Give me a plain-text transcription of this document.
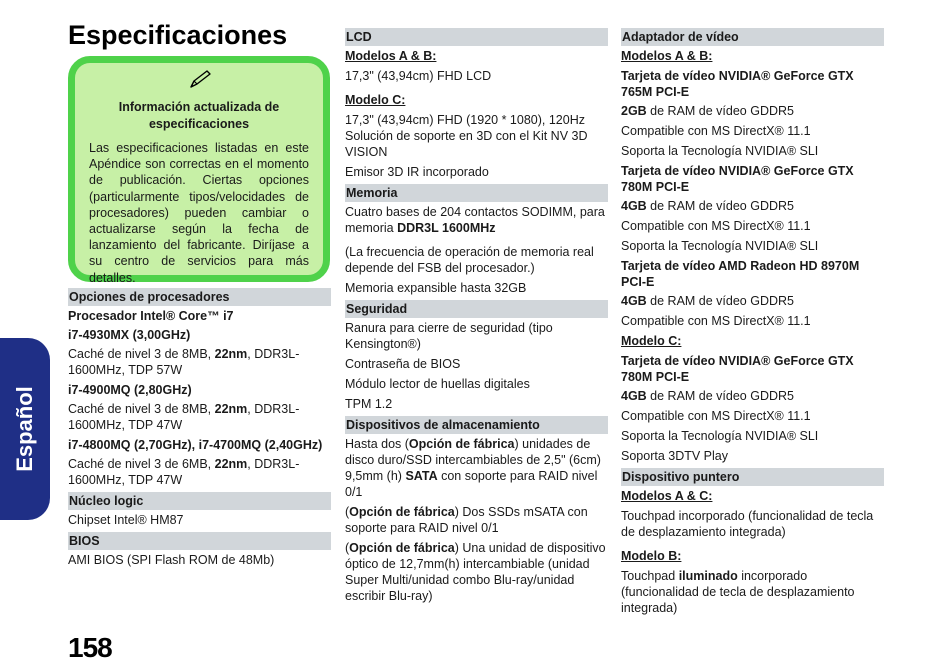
Especificaciones
Español
Información actualizada de especificaciones
Las especificaciones listadas en este Apéndice son correctas en el momento de publicación. Ciertas opciones (particularmente tipos/velocidades de procesadores) pueden cambiar o actualizarse según la fecha de lanzamiento del fabricante. Diríjase a su centro de servicios para más detalles.
Opciones de procesadores
Procesador Intel® Core™ i7
i7-4930MX (3,00GHz)
Caché de nivel 3 de 8MB, 22nm, DDR3L-1600MHz, TDP 57W
i7-4900MQ (2,80GHz)
Caché de nivel 3 de 8MB, 22nm, DDR3L-1600MHz, TDP 47W
i7-4800MQ (2,70GHz), i7-4700MQ (2,40GHz)
Caché de nivel 3 de 6MB, 22nm, DDR3L-1600MHz, TDP 47W
Núcleo logic
Chipset Intel® HM87
BIOS
AMI BIOS (SPI Flash ROM de 48Mb)
LCD
Modelos A & B:
17,3" (43,94cm) FHD LCD
Modelo C:
17,3" (43,94cm) FHD (1920 * 1080), 120Hz Solución de soporte en 3D con el Kit NV 3D VISION
Emisor 3D IR incorporado
Memoria
Cuatro bases de 204 contactos SODIMM, para memoria DDR3L 1600MHz
(La frecuencia de operación de memoria real depende del FSB del procesador.)
Memoria expansible hasta 32GB
Seguridad
Ranura para cierre de seguridad (tipo Kensington®)
Contraseña de BIOS
Módulo lector de huellas digitales
TPM 1.2
Dispositivos de almacenamiento
Hasta dos (Opción de fábrica) unidades de disco duro/SSD intercambiables de 2,5" (6cm) 9,5mm (h) SATA con soporte para RAID nivel 0/1
(Opción de fábrica) Dos SSDs mSATA con soporte para RAID nivel 0/1
(Opción de fábrica) Una unidad de dispositivo óptico de 12,7mm(h) intercambiable (unidad Super Multi/unidad combo Blu-ray/unidad escribir Blu-ray)
Adaptador de vídeo
Modelos A & B:
Tarjeta de vídeo NVIDIA® GeForce GTX 765M PCI-E
2GB de RAM de vídeo GDDR5
Compatible con MS DirectX® 11.1
Soporta la Tecnología NVIDIA® SLI
Tarjeta de vídeo NVIDIA® GeForce GTX 780M PCI-E
4GB de RAM de vídeo GDDR5
Compatible con MS DirectX® 11.1
Soporta la Tecnología NVIDIA® SLI
Tarjeta de vídeo AMD Radeon HD 8970M PCI-E
4GB de RAM de vídeo GDDR5
Compatible con MS DirectX® 11.1
Modelo C:
Tarjeta de vídeo NVIDIA® GeForce GTX 780M PCI-E
4GB de RAM de vídeo GDDR5
Compatible con MS DirectX® 11.1
Soporta la Tecnología NVIDIA® SLI
Soporta 3DTV Play
Dispositivo puntero
Modelos A & C:
Touchpad incorporado (funcionalidad de tecla de desplazamiento integrada)
Modelo B:
Touchpad iluminado incorporado (funcionalidad de tecla de desplazamiento integrada)
158
